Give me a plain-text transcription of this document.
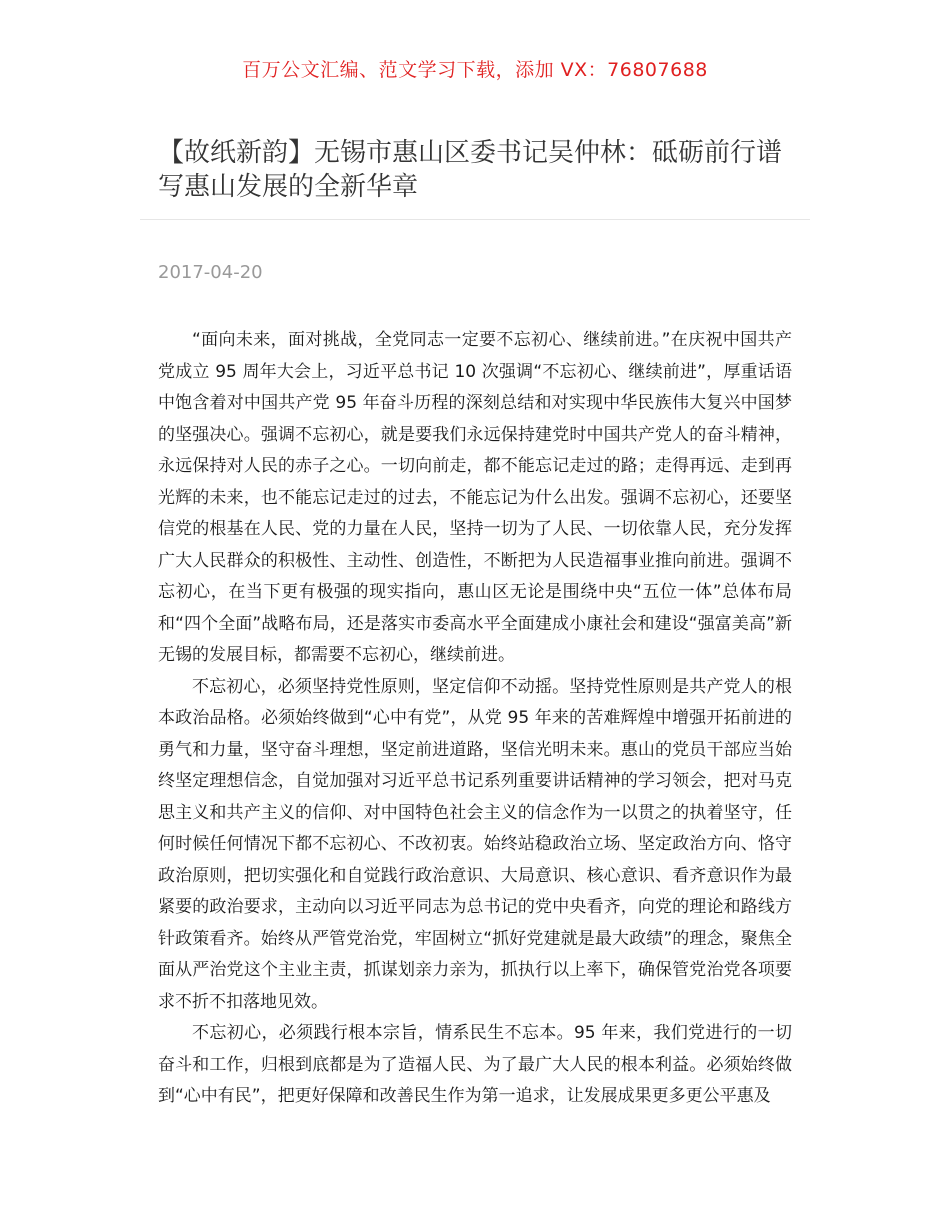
百万公文汇编、范文学习下载，添加 VX：76807688
【故纸新韵】无锡市惠山区委书记吴仲林：砥砺前行谱写惠山发展的全新华章
2017-04-20

“面向未来，面对挑战，全党同志一定要不忘初心、继续前进。”在庆祝中国共产党成立 95 周年大会上，习近平总书记 10 次强调“不忘初心、继续前进”，厚重话语中饱含着对中国共产党 95 年奋斗历程的深刻总结和对实现中华民族伟大复兴中国梦的坚强决心。强调不忘初心，就是要我们永远保持建党时中国共产党人的奋斗精神，永远保持对人民的赤子之心。一切向前走，都不能忘记走过的路；走得再远、走到再光辉的未来，也不能忘记走过的过去，不能忘记为什么出发。强调不忘初心，还要坚信党的根基在人民、党的力量在人民，坚持一切为了人民、一切依靠人民，充分发挥广大人民群众的积极性、主动性、创造性，不断把为人民造福事业推向前进。强调不忘初心，在当下更有极强的现实指向，惠山区无论是围绕中央“五位一体”总体布局和“四个全面”战略布局，还是落实市委高水平全面建成小康社会和建设“强富美高”新无锡的发展目标，都需要不忘初心，继续前进。

不忘初心，必须坚持党性原则，坚定信仰不动摇。坚持党性原则是共产党人的根本政治品格。必须始终做到“心中有党”，从党 95 年来的苦难辉煌中增强开拓前进的勇气和力量，坚守奋斗理想，坚定前进道路，坚信光明未来。惠山的党员干部应当始终坚定理想信念，自觉加强对习近平总书记系列重要讲话精神的学习领会，把对马克思主义和共产主义的信仰、对中国特色社会主义的信念作为一以贯之的执着坚守，任何时候任何情况下都不忘初心、不改初衷。始终站稳政治立场、坚定政治方向、恪守政治原则，把切实强化和自觉践行政治意识、大局意识、核心意识、看齐意识作为最紧要的政治要求，主动向以习近平同志为总书记的党中央看齐，向党的理论和路线方针政策看齐。始终从严管党治党，牢固树立“抓好党建就是最大政绩”的理念，聚焦全面从严治党这个主业主责，抓谋划亲力亲为，抓执行以上率下，确保管党治党各项要求不折不扣落地见效。

不忘初心，必须践行根本宗旨，情系民生不忘本。95 年来，我们党进行的一切奋斗和工作，归根到底都是为了造福人民、为了最广大人民的根本利益。必须始终做到“心中有民”，把更好保障和改善民生作为第一追求，让发展成果更多更公平惠及
